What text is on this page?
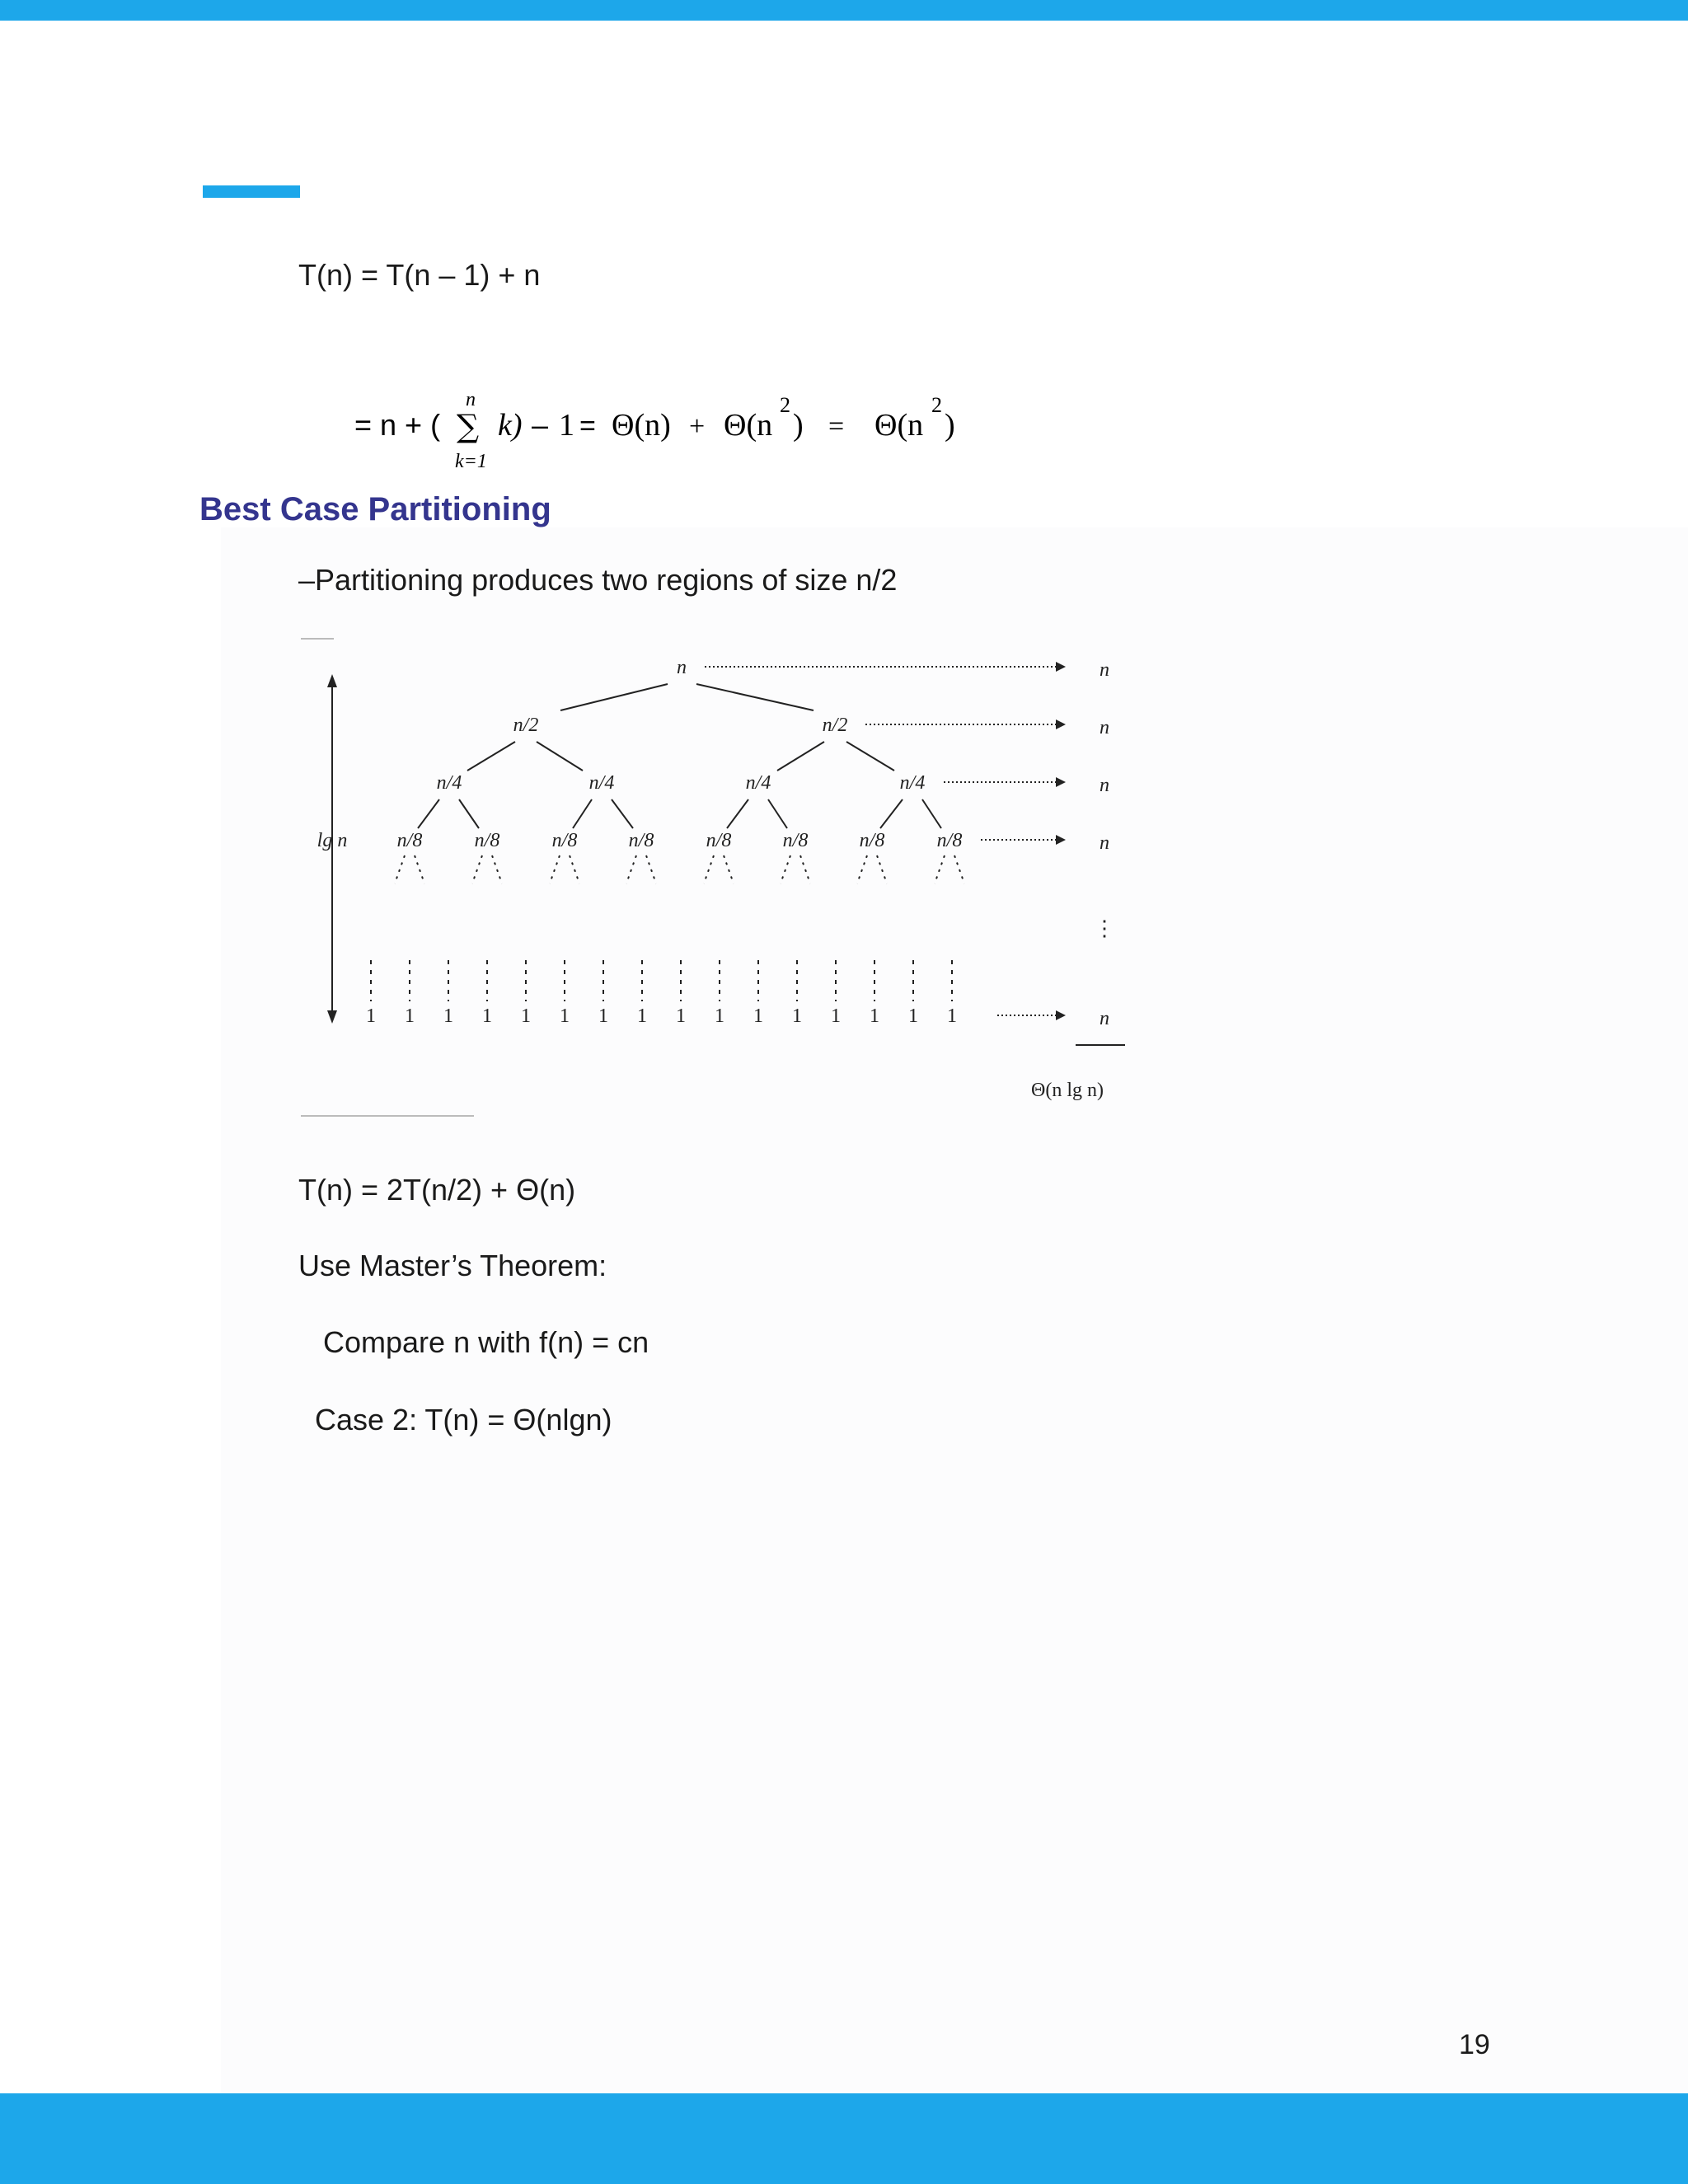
T(n) = T(n – 1) + n
= n + (
n
∑
k=1
k) – 1 = Θ(n) + Θ(n
2
) = Θ(n
2
)
Best Case Partitioning
–Partitioning produces two regions of size n/2
n
n/2	n/2
n/4	n/4	n/4	n/4
n/8	n/8	n/8	n/8	n/8	n/8	n/8	n/8
1 1 1 1 1 1 1 1 1 1 1 1 1 1 1 1
lg n
n
n
n
n
n
⋮
Θ(n lg n)
T(n) = 2T(n/2) + Θ(n)
Use Master’s Theorem:
Compare n with f(n) = cn
Case 2: T(n) = Θ(nlgn)
19
